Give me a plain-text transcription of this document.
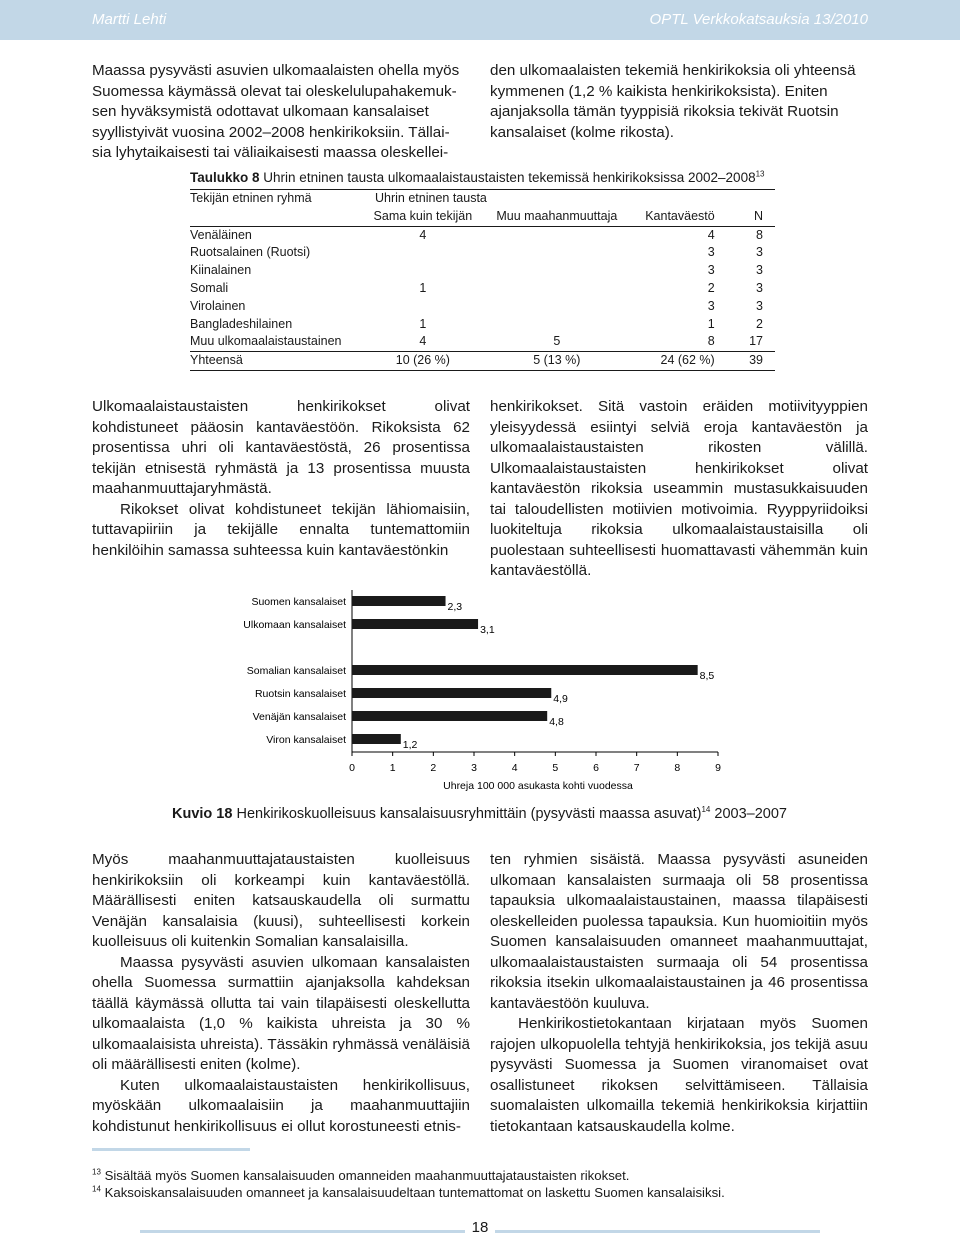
Martti Lehti	OPTL Verkkokatsauksia 13/2010
Maassa pysyvästi asuvien ulkomaalaisten ohella myös
Suomessa käymässä olevat tai oleskelulupahakemuk-
sen hyväksymistä odottavat ulkomaan kansalaiset
syyllistyivät vuosina 2002–2008 henkirikoksiin. Tällai-
sia lyhytaikaisesti tai väliaikaisesti maassa oleskellei-
den ulkomaalaisten tekemiä henkirikoksia oli yhteensä
kymmenen (1,2 % kaikista henkirikoksista). Eniten
ajanjaksolla tämän tyyppisiä rikoksia tekivät Ruotsin
kansalaiset (kolme rikosta).
Taulukko 8 Uhrin etninen tausta ulkomaalaistaustaisten tekemissä henkirikoksissa 2002–2008$^{13}$
Tekijän etninen ryhmä	Uhrin etninen tausta			
	Sama kuin tekijän	Muu maahanmuuttaja	Kantaväestö	N
Venäläinen	4		4	8
Ruotsalainen (Ruotsi)			3	3
Kiinalainen			3	3
Somali	1		2	3
Virolainen			3	3
Bangladeshilainen	1		1	2
Muu ulkomaalaistaustainen	4	5	8	17
Yhteensä	10 (26 %)	5 (13 %)	24 (62 %)	39

Ulkomaalaistaustaisten henkirikokset olivat kohdistuneet pääosin kantaväestöön. Rikoksista 62 prosentissa uhri oli kantaväestöstä, 26 prosentissa tekijän etnisestä ryhmästä ja 13 prosentissa muusta maahanmuuttajaryhmästä.

Rikokset olivat kohdistuneet tekijän lähiomaisiin, tuttavapiiriin ja tekijälle ennalta tuntemattomiin henkilöihin samassa suhteessa kuin kantaväestönkin

henkirikokset. Sitä vastoin eräiden motiivityyppien yleisyydessä esiintyi selviä eroja kantaväestön ja ulkomaalaistaustaisten rikosten välillä. Ulkomaalaistaustaisten henkirikokset olivat kantaväestön rikoksia useammin mustasukkaisuuden tai taloudellisten motiivien motivoimia. Ryyppyriidoiksi luokiteltuja rikoksia ulkomaalaistaustaisilla oli puolestaan suhteellisesti huomattavasti vähemmän kuin kantaväestöllä.

Suomen kansalaiset	2,3
Ulkomaan kansalaiset	3,1
Somalian kansalaiset	8,5
Ruotsin kansalaiset	4,9
Venäjän kansalaiset	4,8
Viron kansalaiset	1,2
0	1	2	3	4	5	6	7	8	9
Uhreja 100 000 asukasta kohti vuodessa
Kuvio 18 Henkirikoskuolleisuus kansalaisuusryhmittäin (pysyvästi maassa asuvat)$^{14}$ 2003–2007

Myös maahanmuuttajataustaisten kuolleisuus henkirikoksiin oli korkeampi kuin kantaväestöllä. Määrällisesti eniten katsauskaudella oli surmattu Venäjän kansalaisia (kuusi), suhteellisesti korkein kuolleisuus oli kuitenkin Somalian kansalaisilla.

Maassa pysyvästi asuvien ulkomaan kansalaisten ohella Suomessa surmattiin ajanjaksolla kahdeksan täällä käymässä ollutta tai vain tilapäisesti oleskellutta ulkomaalaista (1,0 % kaikista uhreista ja 30 % ulkomaalaisista uhreista). Tässäkin ryhmässä venäläisiä oli määrällisesti eniten (kolme).

Kuten ulkomaalaistaustaisten henkirikollisuus, myöskään ulkomaalaisiin ja maahanmuuttajiin kohdistunut henkirikollisuus ei ollut korostuneesti etnis-

ten ryhmien sisäistä. Maassa pysyvästi asuneiden ulkomaan kansalaisten surmaaja oli 58 prosentissa tapauksia ulkomaalaistaustainen, maassa tilapäisesti oleskelleiden puolessa tapauksia. Kun huomioitiin myös Suomen kansalaisuuden omanneet maahanmuuttajat, ulkomaalaistaustaisten surmaaja oli 54 prosentissa rikoksia itsekin ulkomaalaistaustainen ja 46 prosentissa kantaväestöön kuuluva.

Henkirikostietokantaan kirjataan myös Suomen rajojen ulkopuolella tehtyjä henkirikoksia, jos tekijä asuu pysyvästi Suomessa ja Suomen viranomaiset ovat osallistuneet rikoksen selvittämiseen. Tällaisia suomalaisten ulkomailla tekemiä henkirikoksia kirjattiin tietokantaan katsauskaudella kolme.

$^{13}$ Sisältää myös Suomen kansalaisuuden omanneiden maahanmuuttajataustaisten rikokset.
$^{14}$ Kaksoiskansalaisuuden omanneet ja kansalaisuudeltaan tuntemattomat on laskettu Suomen kansalaisiksi.
18
